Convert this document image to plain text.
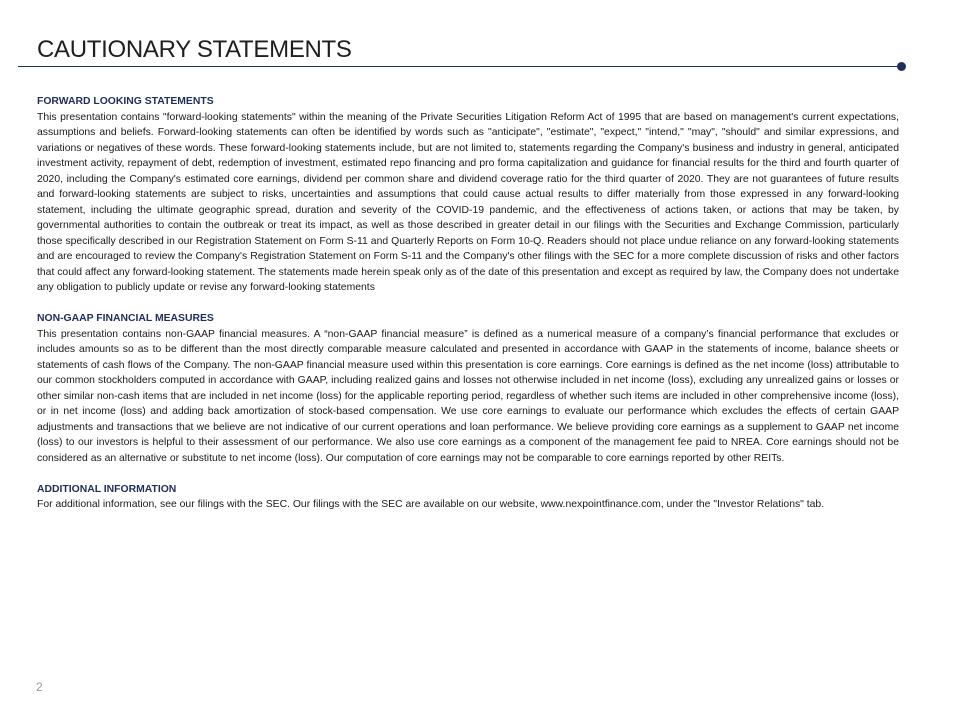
CAUTIONARY STATEMENTS

FORWARD LOOKING STATEMENTS

This presentation contains "forward-looking statements" within the meaning of the Private Securities Litigation Reform Act of 1995 that are based on management's current expectations, assumptions and beliefs. Forward-looking statements can often be identified by words such as "anticipate", "estimate", "expect," "intend," "may", "should" and similar expressions, and variations or negatives of these words. These forward-looking statements include, but are not limited to, statements regarding the Company's business and industry in general, anticipated investment activity, repayment of debt, redemption of investment, estimated repo financing and pro forma capitalization and guidance for financial results for the third and fourth quarter of 2020, including the Company's estimated core earnings, dividend per common share and dividend coverage ratio for the third quarter of 2020. They are not guarantees of future results and forward-looking statements are subject to risks, uncertainties and assumptions that could cause actual results to differ materially from those expressed in any forward-looking statement, including the ultimate geographic spread, duration and severity of the COVID-19 pandemic, and the effectiveness of actions taken, or actions that may be taken, by governmental authorities to contain the outbreak or treat its impact, as well as those described in greater detail in our filings with the Securities and Exchange Commission, particularly those specifically described in our Registration Statement on Form S-11 and Quarterly Reports on Form 10-Q. Readers should not place undue reliance on any forward-looking statements and are encouraged to review the Company's Registration Statement on Form S-11 and the Company's other filings with the SEC for a more complete discussion of risks and other factors that could affect any forward-looking statement. The statements made herein speak only as of the date of this presentation and except as required by law, the Company does not undertake any obligation to publicly update or revise any forward-looking statements

NON-GAAP FINANCIAL MEASURES

This presentation contains non-GAAP financial measures. A “non-GAAP financial measure” is defined as a numerical measure of a company’s financial performance that excludes or includes amounts so as to be different than the most directly comparable measure calculated and presented in accordance with GAAP in the statements of income, balance sheets or statements of cash flows of the Company. The non-GAAP financial measure used within this presentation is core earnings. Core earnings is defined as the net income (loss) attributable to our common stockholders computed in accordance with GAAP, including realized gains and losses not otherwise included in net income (loss), excluding any unrealized gains or losses or other similar non-cash items that are included in net income (loss) for the applicable reporting period, regardless of whether such items are included in other comprehensive income (loss), or in net income (loss) and adding back amortization of stock-based compensation. We use core earnings to evaluate our performance which excludes the effects of certain GAAP adjustments and transactions that we believe are not indicative of our current operations and loan performance. We believe providing core earnings as a supplement to GAAP net income (loss) to our investors is helpful to their assessment of our performance. We also use core earnings as a component of the management fee paid to NREA. Core earnings should not be considered as an alternative or substitute to net income (loss). Our computation of core earnings may not be comparable to core earnings reported by other REITs.

ADDITIONAL INFORMATION

For additional information, see our filings with the SEC. Our filings with the SEC are available on our website, www.nexpointfinance.com, under the "Investor Relations" tab.

2
